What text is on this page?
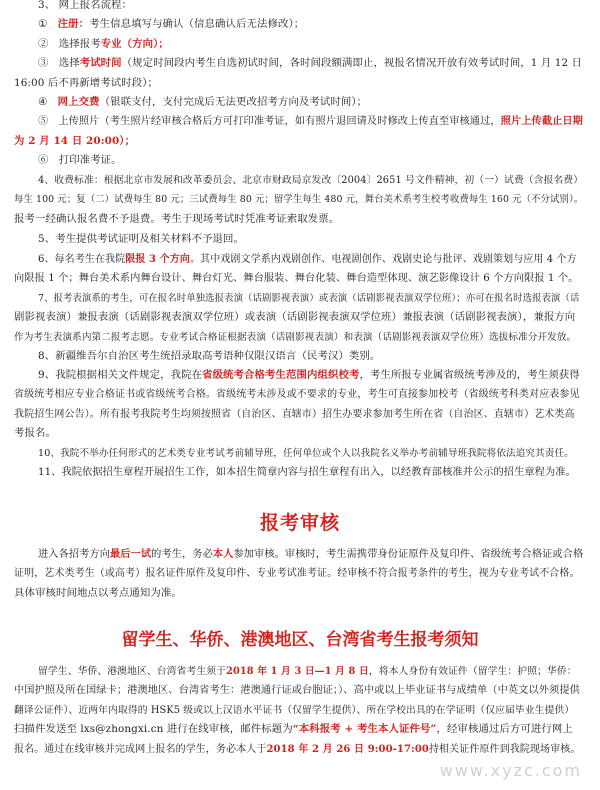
3、 网上报名流程：
① 注册：考生信息填写与确认（信息确认后无法修改）；
② 选择报考专业（方向）；
③ 选择考试时间（规定时间段内考生自选初试时间，各时间段额满即止，视报名情况开放有效考试时间，1 月 12 日
16:00 后不再新增考试时段）；
④ 网上交费（银联支付，支付完成后无法更改招考方向及考试时间）；
⑤ 上传照片（考生照片经审核合格后方可打印准考证，如有照片退回请及时修改上传直至审核通过，照片上传截止日期
为 2 月 14 日 20:00）；
⑥ 打印准考证。
4、收费标准：根据北京市发展和改革委员会、北京市财政局京发改〔2004〕2651 号文件精神，初（一）试费（含报名费）
每生 100 元；复（二）试费每生 80 元；三试费每生 80 元；留学生每生 480 元，舞台美术系考生校考收费每生 160 元（不分试别）。
报考一经确认报名费不予退费。考生于现场考试时凭准考证索取发票。
5、考生提供考试证明及相关材料不予退回。
6、每名考生在我院限报 3 个方向。其中戏剧文学系内戏剧创作、电视剧创作、戏剧史论与批评、戏剧策划与应用 4 个方
向限报 1 个；舞台美术系内舞台设计、舞台灯光、舞台服装、舞台化装、舞台造型体现、演艺影像设计 6 个方向限报 1 个。
7、报考表演系的考生，可在报名时单独选报表演（话剧影视表演）或表演（话剧影视表演双学位班）；亦可在报名时选报表演（话
剧影视表演）兼报表演（话剧影视表演双学位班）或表演（话剧影视表演双学位班）兼报表演（话剧影视表演），兼报方向
作为考生表演系内第二报考志愿。专业考试合格证根据表演（话剧影视表演）和表演（话剧影视表演双学位班）选拔标准分开发放。
8、新疆维吾尔自治区考生统招录取高考语种仅限汉语言（民考汉）类别。
9、我院根据相关文件规定，我院在省级统考合格考生范围内组织校考，考生所报专业属省级统考涉及的，考生须获得
省级统考相应专业合格证书或省级统考合格。省级统考未涉及或不要求的专业，考生可直接参加校考（省级统考科类对应表参见
我院招生网公告）。所有报考我院考生均须按照省（自治区、直辖市）招生办要求参加考生所在省（自治区、直辖市）艺术类高
考报名。
10、我院不举办任何形式的艺术类专业考试考前辅导班，任何单位或个人以我院名义举办考前辅导班我院将依法追究其责任。
11、我院依据招生章程开展招生工作，如本招生简章内容与招生章程有出入，以经教育部核准并公示的招生章程为准。
报考审核
进入各招考方向最后一试的考生，务必本人参加审核。审核时，考生需携带身份证原件及复印件、省级统考合格证或合格
证明，艺术类考生（或高考）报名证件原件及复印件、专业考试准考证。经审核不符合报考条件的考生，视为专业考试不合格。
具体审核时间地点以考点通知为准。
留学生、华侨、港澳地区、台湾省考生报考须知
留学生、华侨、港澳地区、台湾省考生须于2018 年 1 月 3 日—1 月 8 日，将本人身份有效证件（留学生：护照；华侨：
中国护照及所在国绿卡；港澳地区、台湾省考生：港澳通行证或台胞证；）、高中或以上毕业证书与成绩单（中英文以外须提供
翻译公证件）、近两年内取得的 HSK5 级或以上汉语水平证书（仅留学生提供）、所在学校出具的在学证明（仅应届毕业生提供）
扫描件发送至 lxs@zhongxi.cn 进行在线审核，邮件标题为“本科报考 + 考生本人证件号”，经审核通过后方可进行网上
报名。通过在线审核并完成网上报名的学生，务必本人于2018 年 2 月 26 日 9:00-17:00持相关证件原件到我院现场审核。
www.xyzc.com
